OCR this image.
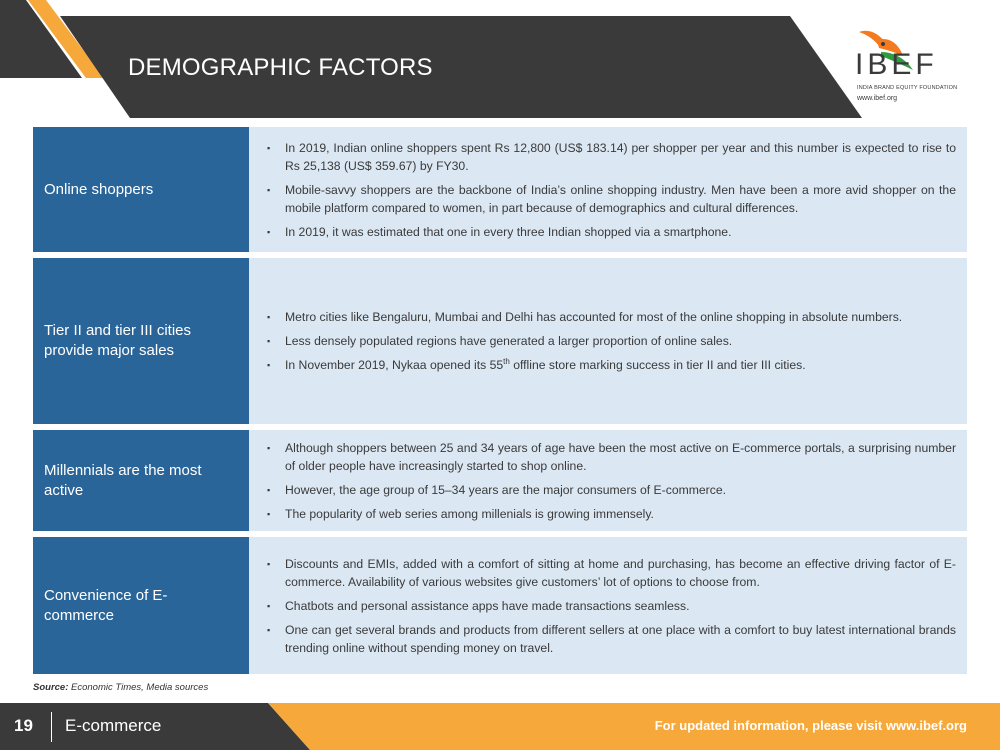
DEMOGRAPHIC FACTORS	IBEF
INDIA BRAND EQUITY FOUNDATION
www.ibef.org
Online shoppers
▪ In 2019, Indian online shoppers spent Rs 12,800 (US$ 183.14) per shopper per year and this number is expected to rise to Rs 25,138 (US$ 359.67) by FY30.
▪ Mobile-savvy shoppers are the backbone of India’s online shopping industry. Men have been a more avid shopper on the mobile platform compared to women, in part because of demographics and cultural differences.
▪ In 2019, it was estimated that one in every three Indian shopped via a smartphone.
Tier II and tier III cities provide major sales
▪ Metro cities like Bengaluru, Mumbai and Delhi has accounted for most of the online shopping in absolute numbers.
▪ Less densely populated regions have generated a larger proportion of online sales.
▪ In November 2019, Nykaa opened its 55th offline store marking success in tier II and tier III cities.
Millennials are the most active
▪ Although shoppers between 25 and 34 years of age have been the most active on E-commerce portals, a surprising number of older people have increasingly started to shop online.
▪ However, the age group of 15–34 years are the major consumers of E-commerce.
▪ The popularity of web series among millenials is growing immensely.
Convenience of E-commerce
▪ Discounts and EMIs, added with a comfort of sitting at home and purchasing, has become an effective driving factor of E-commerce. Availability of various websites give customers’ lot of options to choose from.
▪ Chatbots and personal assistance apps have made transactions seamless.
▪ One can get several brands and products from different sellers at one place with a comfort to buy latest international brands trending online without spending money on travel.
Source: Economic Times, Media sources
19 E-commerce	For updated information, please visit www.ibef.org
